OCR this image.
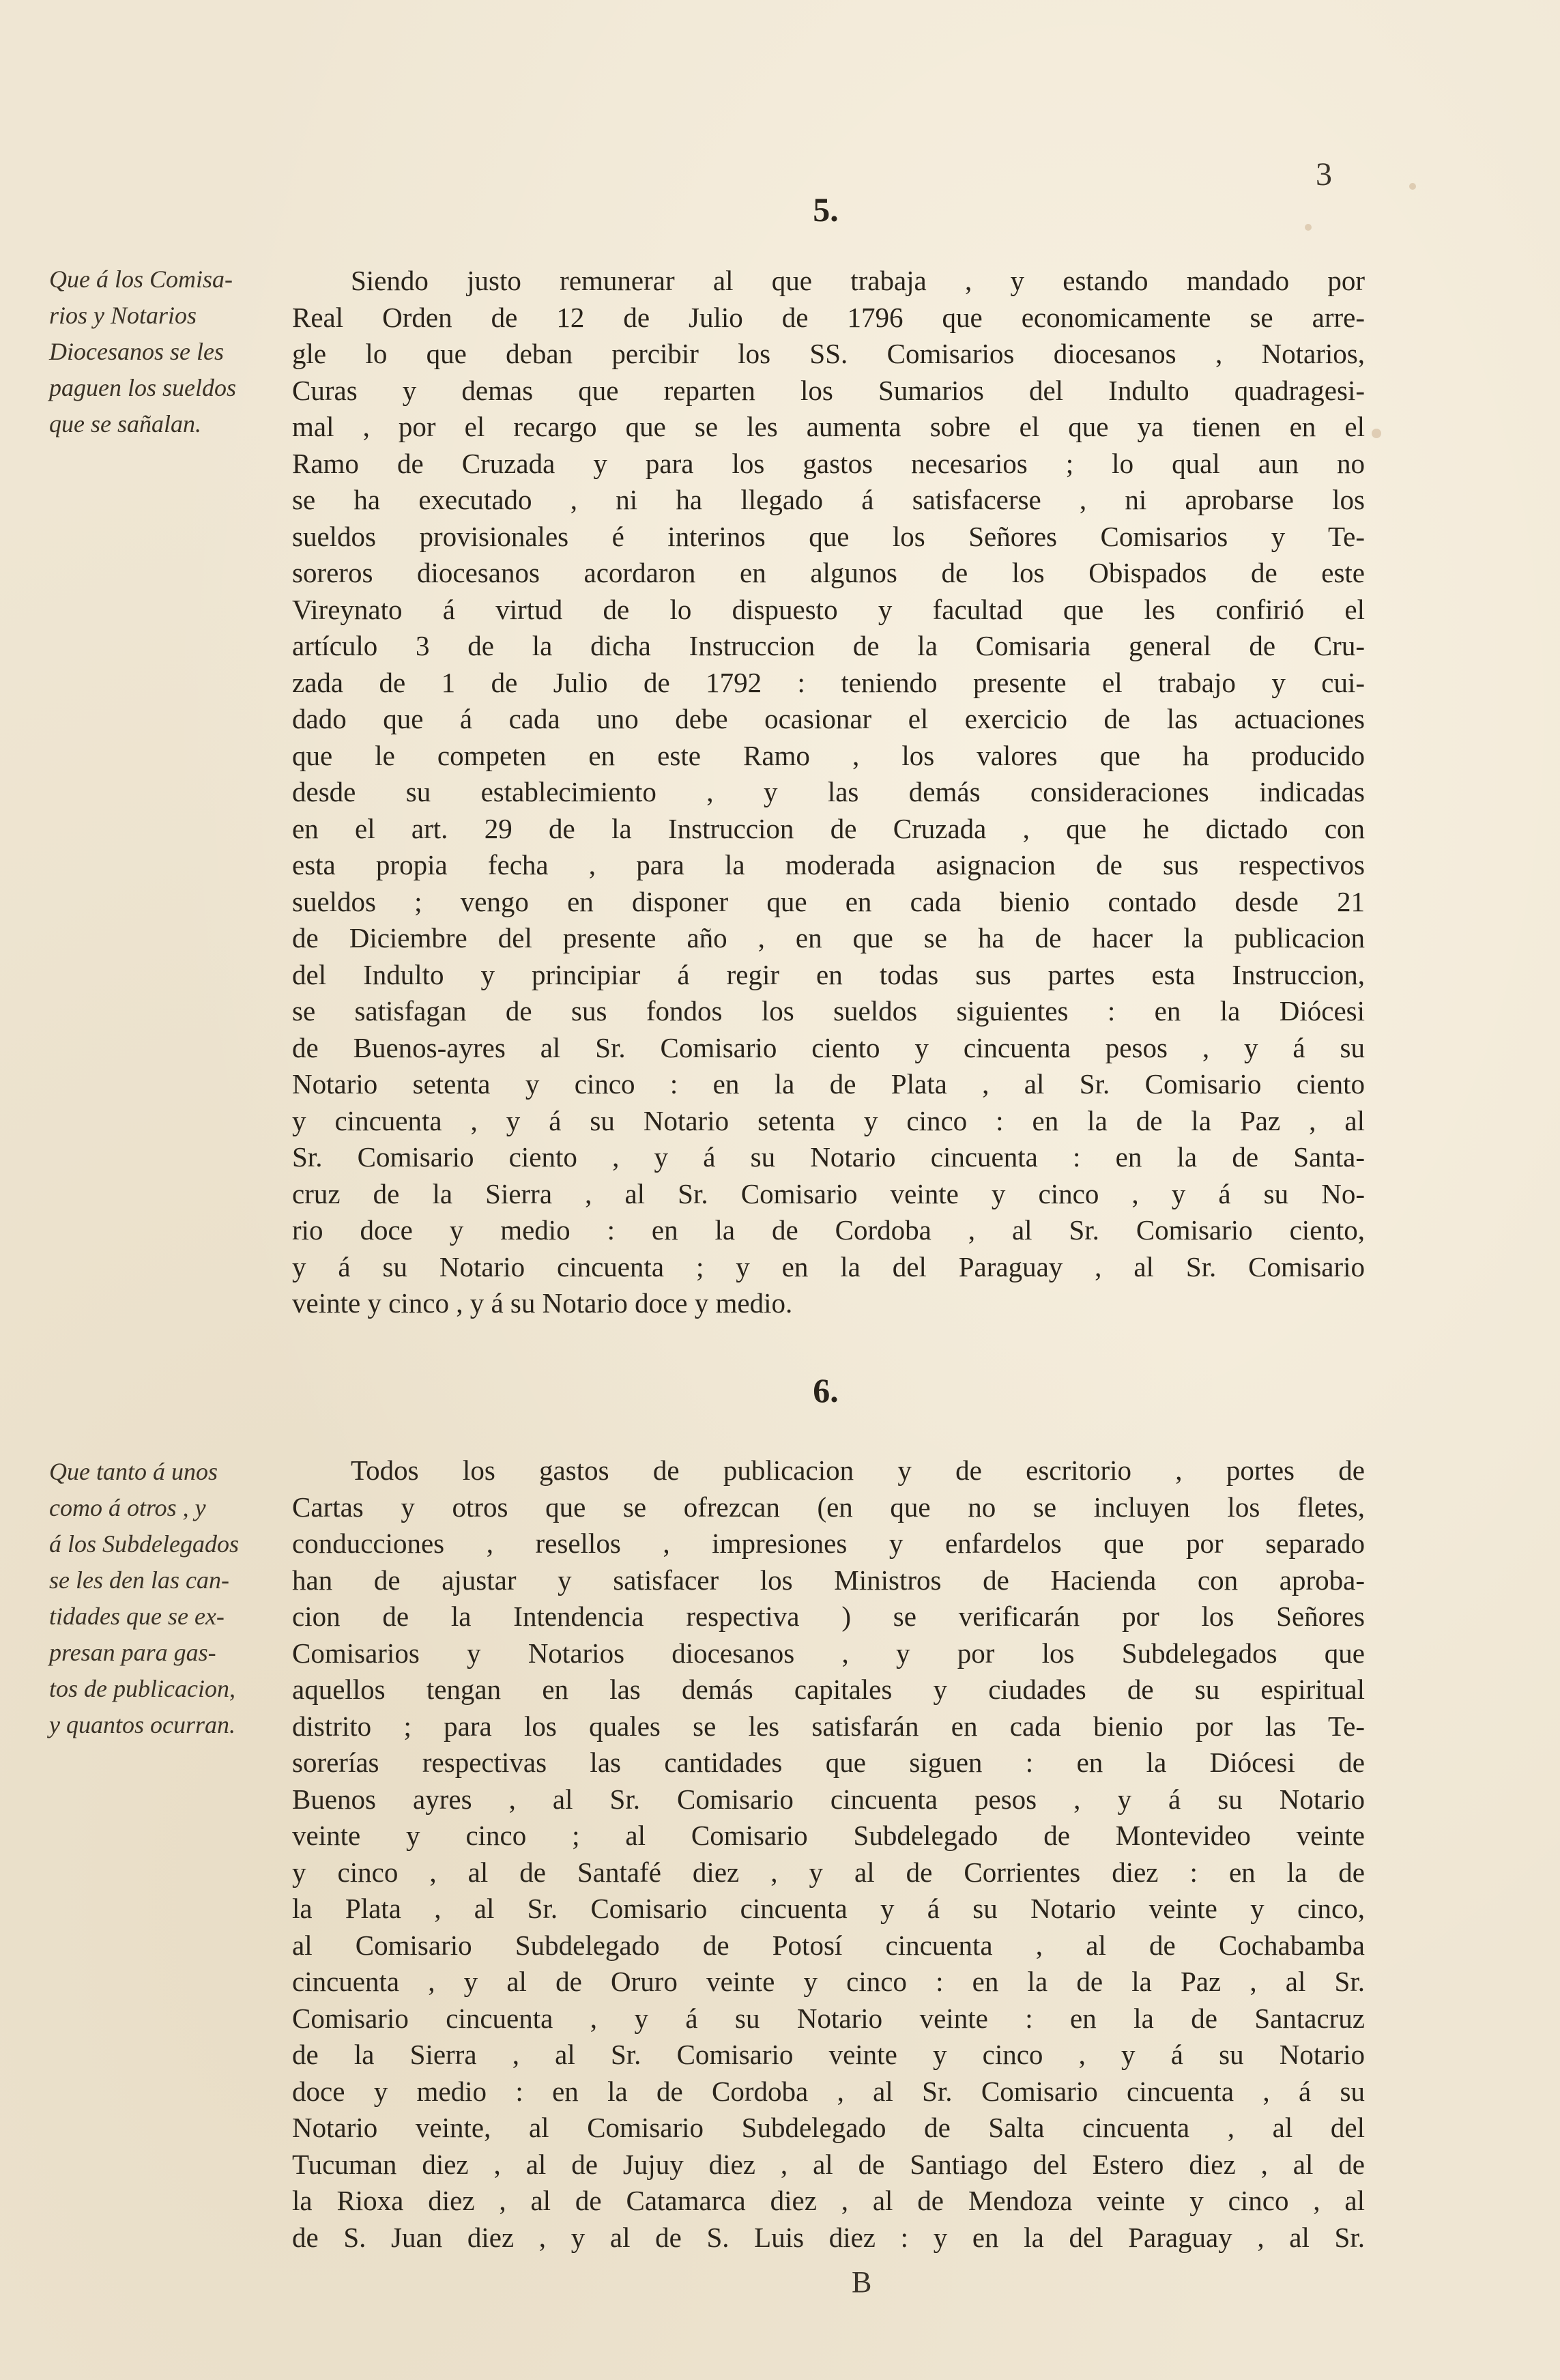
3
5.
Que á los Comisa-
rios y Notarios
Diocesanos se les
paguen los sueldos
que se sañalan.
Siendo justo remunerar al que trabaja , y estando mandado por
Real Orden de 12 de Julio de 1796 que economicamente se arre-
gle lo que deban percibir los SS. Comisarios diocesanos , Notarios,
Curas y demas que reparten los Sumarios del Indulto quadragesi-
mal , por el recargo que se les aumenta sobre el que ya tienen en el
Ramo de Cruzada y para los gastos necesarios ; lo qual aun no
se ha executado , ni ha llegado á satisfacerse , ni aprobarse los
sueldos provisionales é interinos que los Señores Comisarios y Te-
soreros diocesanos acordaron en algunos de los Obispados de este
Vireynato á virtud de lo dispuesto y facultad que les confirió el
artículo 3 de la dicha Instruccion de la Comisaria general de Cru-
zada de 1 de Julio de 1792 : teniendo presente el trabajo y cui-
dado que á cada uno debe ocasionar el exercicio de las actuaciones
que le competen en este Ramo , los valores que ha producido
desde su establecimiento , y las demás consideraciones indicadas
en el art. 29 de la Instruccion de Cruzada , que he dictado con
esta propia fecha , para la moderada asignacion de sus respectivos
sueldos ; vengo en disponer que en cada bienio contado desde 21
de Diciembre del presente año , en que se ha de hacer la publicacion
del Indulto y principiar á regir en todas sus partes esta Instruccion,
se satisfagan de sus fondos los sueldos siguientes : en la Diócesi
de Buenos-ayres al Sr. Comisario ciento y cincuenta pesos , y á su
Notario setenta y cinco : en la de Plata , al Sr. Comisario ciento
y cincuenta , y á su Notario setenta y cinco : en la de la Paz , al
Sr. Comisario ciento , y á su Notario cincuenta : en la de Santa-
cruz de la Sierra , al Sr. Comisario veinte y cinco , y á su No-
rio doce y medio : en la de Cordoba , al Sr. Comisario ciento,
y á su Notario cincuenta ; y en la del Paraguay , al Sr. Comisario
veinte y cinco , y á su Notario doce y medio.
6.
Que tanto á unos
como á otros , y
á los Subdelegados
se les den las can-
tidades que se ex-
presan para gas-
tos de publicacion,
y quantos ocurran.
Todos los gastos de publicacion y de escritorio , portes de
Cartas y otros que se ofrezcan (en que no se incluyen los fletes,
conducciones , resellos , impresiones y enfardelos que por separado
han de ajustar y satisfacer los Ministros de Hacienda con aproba-
cion de la Intendencia respectiva ) se verificarán por los Señores
Comisarios y Notarios diocesanos , y por los Subdelegados que
aquellos tengan en las demás capitales y ciudades de su espiritual
distrito ; para los quales se les satisfarán en cada bienio por las Te-
sorerías respectivas las cantidades que siguen : en la Diócesi de
Buenos ayres , al Sr. Comisario cincuenta pesos , y á su Notario
veinte y cinco ; al Comisario Subdelegado de Montevideo veinte
y cinco , al de Santafé diez , y al de Corrientes diez : en la de
la Plata , al Sr. Comisario cincuenta y á su Notario veinte y cinco,
al Comisario Subdelegado de Potosí cincuenta , al de Cochabamba
cincuenta , y al de Oruro veinte y cinco : en la de la Paz , al Sr.
Comisario cincuenta , y á su Notario veinte : en la de Santacruz
de la Sierra , al Sr. Comisario veinte y cinco , y á su Notario
doce y medio : en la de Cordoba , al Sr. Comisario cincuenta , á su
Notario veinte, al Comisario Subdelegado de Salta cincuenta , al del
Tucuman diez , al de Jujuy diez , al de Santiago del Estero diez , al de
la Rioxa diez , al de Catamarca diez , al de Mendoza veinte y cinco , al
de S. Juan diez , y al de S. Luis diez : y en la del Paraguay , al Sr.
B
